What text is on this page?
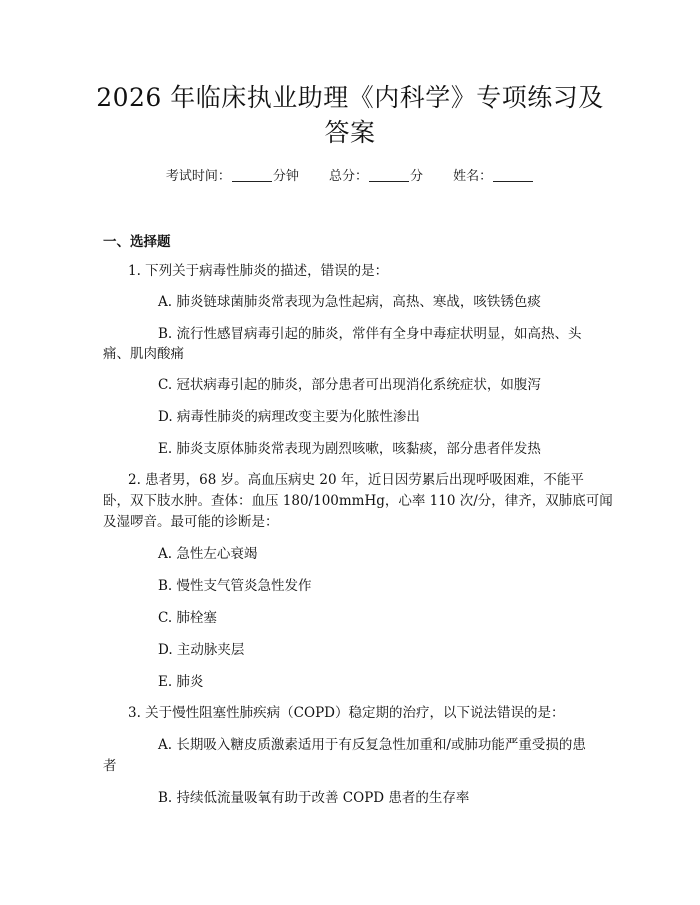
2026 年临床执业助理《内科学》专项练习及
答案
考试时间：	分钟 总分：	分 姓名：
一、选择题
1. 下列关于病毒性肺炎的描述，错误的是：
A. 肺炎链球菌肺炎常表现为急性起病，高热、寒战，咳铁锈色痰
B. 流行性感冒病毒引起的肺炎，常伴有全身中毒症状明显，如高热、头
痛、肌肉酸痛
C. 冠状病毒引起的肺炎，部分患者可出现消化系统症状，如腹泻
D. 病毒性肺炎的病理改变主要为化脓性渗出
E. 肺炎支原体肺炎常表现为剧烈咳嗽，咳黏痰，部分患者伴发热
2. 患者男，68 岁。高血压病史 20 年，近日因劳累后出现呼吸困难，不能平
卧，双下肢水肿。查体：血压 180/100mmHg，心率 110 次/分，律齐，双肺底可闻
及湿啰音。最可能的诊断是：
A. 急性左心衰竭
B. 慢性支气管炎急性发作
C. 肺栓塞
D. 主动脉夹层
E. 肺炎
3. 关于慢性阻塞性肺疾病（COPD）稳定期的治疗，以下说法错误的是：
A. 长期吸入糖皮质激素适用于有反复急性加重和/或肺功能严重受损的患
者
B. 持续低流量吸氧有助于改善 COPD 患者的生存率
